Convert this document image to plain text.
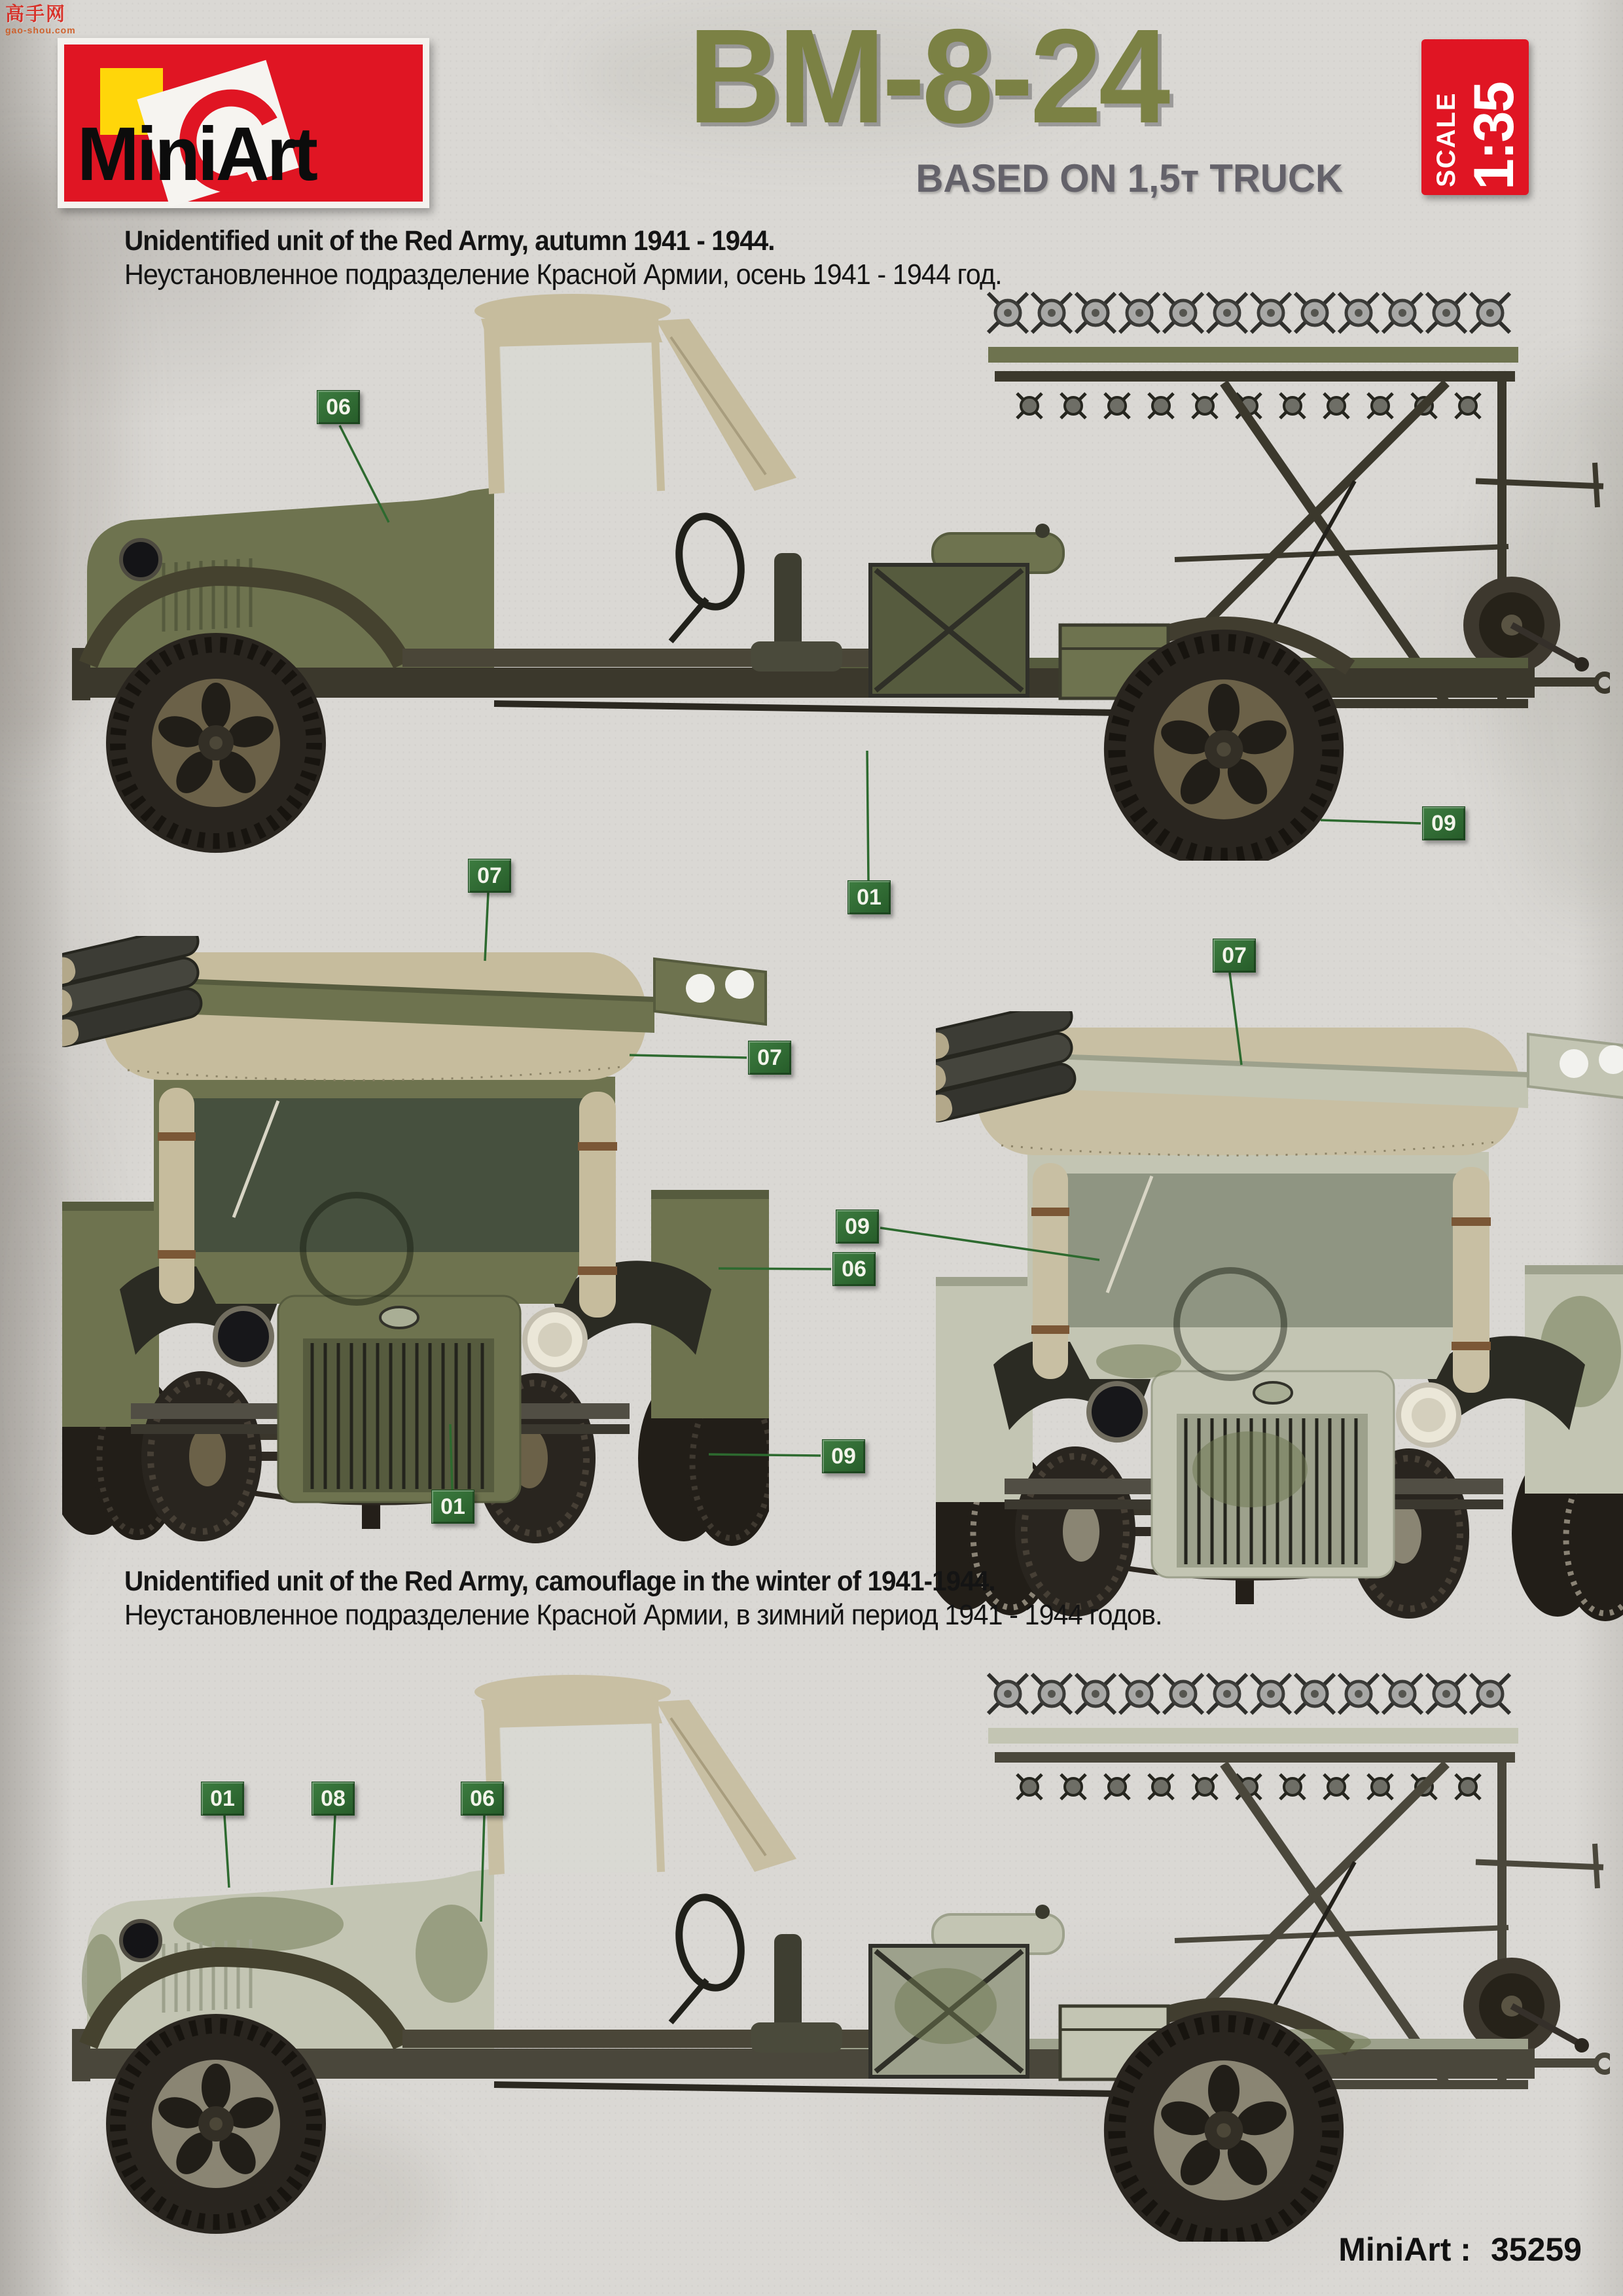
高手网
gao-shou.com
MiniArt
BM-8-24
BASED ON 1,5т TRUCK	SCALE 1:35
Unidentified unit of the Red Army, autumn 1941 - 1944.
Неустановленное подразделение Красной Армии, осень 1941 - 1944 год.
Unidentified unit of the Red Army, camouflage in the winter of 1941-1944.
Неустановленное подразделение Красной Армии, в зимний период 1941 - 1944 годов.
06
09
01
07
07
09
06
09
01
07
01	08	06
MiniArt : 35259
